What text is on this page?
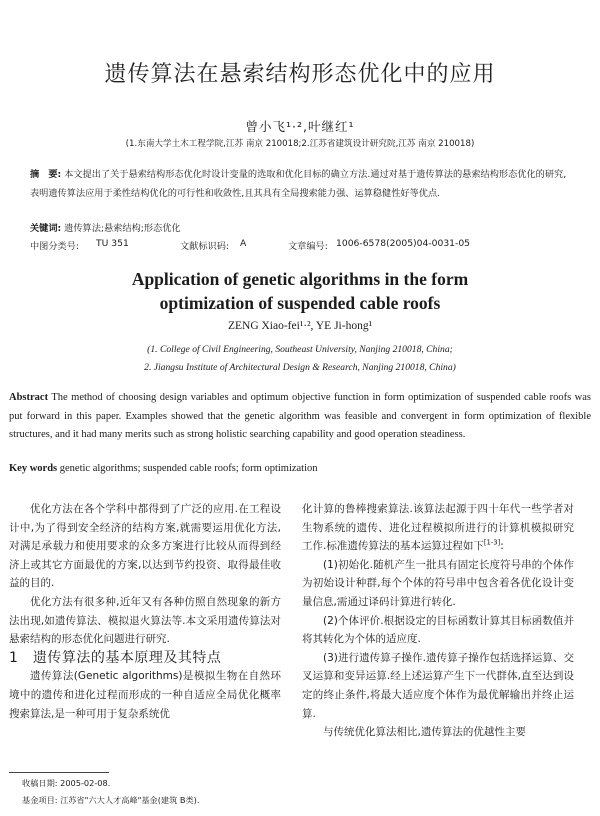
遗传算法在悬索结构形态优化中的应用
曾小飞¹·²,叶继红¹
(1.东南大学土木工程学院,江苏 南京 210018;2.江苏省建筑设计研究院,江苏 南京 210018)
摘　要: 本文提出了关于悬索结构形态优化时设计变量的选取和优化目标的确立方法.通过对基于遗传算法的悬索结构形态优化的研究,表明遗传算法应用于柔性结构优化的可行性和收敛性,且其具有全局搜索能力强、运算稳健性好等优点.
关键词: 遗传算法;悬索结构;形态优化
中图分类号: TU 351	文献标识码: A	文章编号: 1006-6578(2005)04-0031-05
Application of genetic algorithms in the form
optimization of suspended cable roofs
ZENG Xiao-fei¹·², YE Ji-hong¹
(1. College of Civil Engineering, Southeast University, Nanjing 210018, China;
2. Jiangsu Institute of Architectural Design & Research, Nanjing 210018, China)
Abstract The method of choosing design variables and optimum objective function in form optimization of suspended cable roofs was put forward in this paper. Examples showed that the genetic algorithm was feasible and convergent in form optimization of flexible structures, and it had many merits such as strong holistic searching capability and good operation steadiness.
Key words genetic algorithms; suspended cable roofs; form optimization

优化方法在各个学科中都得到了广泛的应用.在工程设计中,为了得到安全经济的结构方案,就需要运用优化方法,对满足承载力和使用要求的众多方案进行比较从而得到经济上或其它方面最优的方案,以达到节约投资、取得最佳收益的目的.

优化方法有很多种,近年又有各种仿照自然现象的新方法出现,如遗传算法、模拟退火算法等.本文采用遗传算法对悬索结构的形态优化问题进行研究.

1　遗传算法的基本原理及其特点

遗传算法(Genetic algorithms)是模拟生物在自然环境中的遗传和进化过程而形成的一种自适应全局优化概率搜索算法,是一种可用于复杂系统优

化计算的鲁棒搜索算法.该算法起源于四十年代一些学者对生物系统的遗传、进化过程模拟所进行的计算机模拟研究工作.标准遗传算法的基本运算过程如下[1-3]:

(1)初始化.随机产生一批具有固定长度符号串的个体作为初始设计种群,每个个体的符号串中包含着各优化设计变量信息,需通过译码计算进行转化.

(2)个体评价.根据设定的目标函数计算其目标函数值并将其转化为个体的适应度.

(3)进行遗传算子操作.遗传算子操作包括选择运算、交叉运算和变异运算.经上述运算产生下一代群体,直至达到设定的终止条件,将最大适应度个体作为最优解输出并终止运算.

与传统优化算法相比,遗传算法的优越性主要

收稿日期: 2005-02-08.
基金项目: 江苏省"六大人才高峰"基金(建筑 B类).
